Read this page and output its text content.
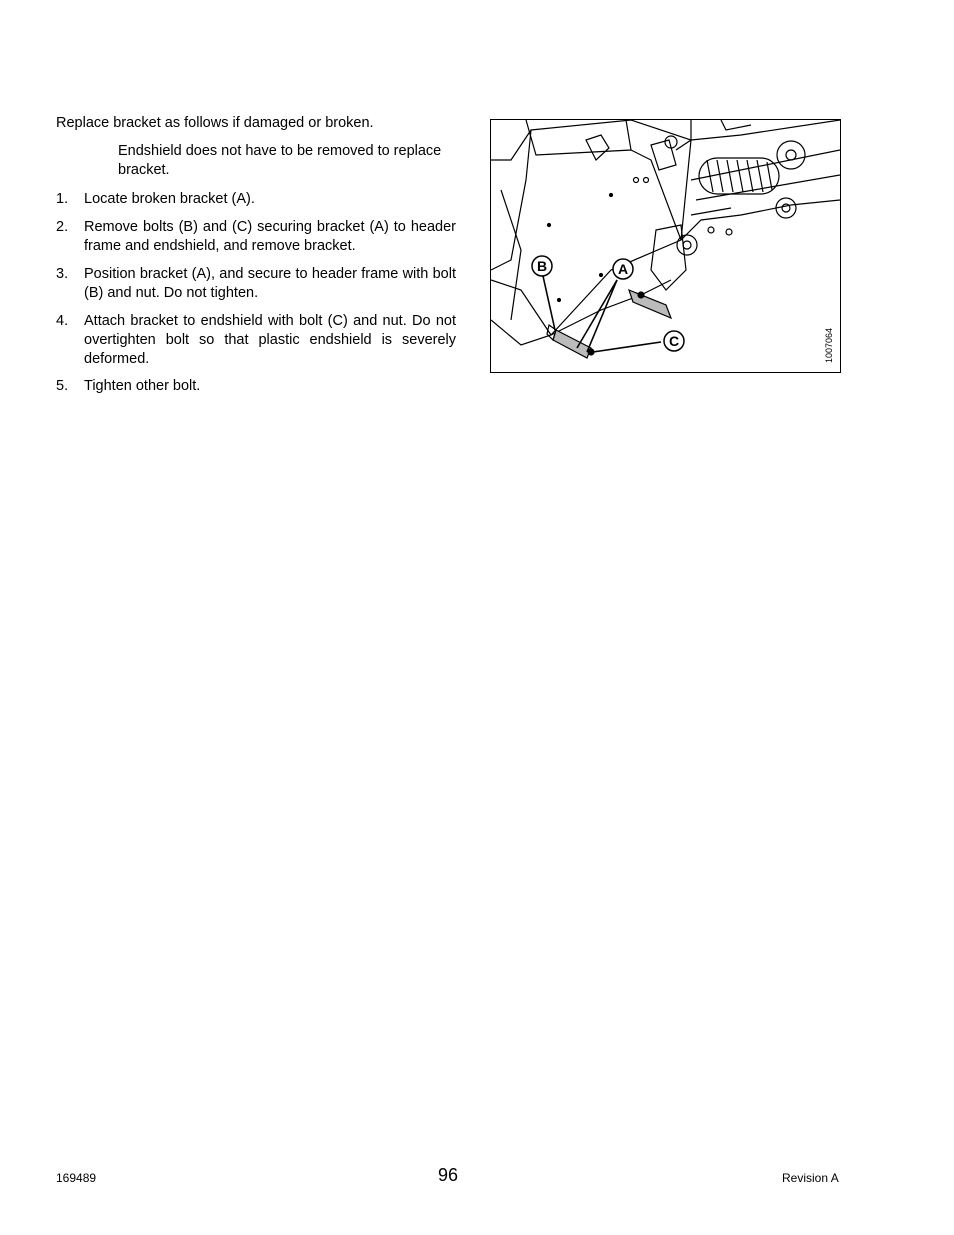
Replace bracket as follows if damaged or broken.
Endshield does not have to be removed to replace bracket.
1.	Locate broken bracket (A).
2.	Remove bolts (B) and (C) securing bracket (A) to header frame and endshield, and remove bracket.
3.	Position bracket (A), and secure to header frame with bolt (B) and nut. Do not tighten.
4.	Attach bracket to endshield with bolt (C) and nut. Do not overtighten bolt so that plastic endshield is severely deformed.
5.	Tighten other bolt.
B	A
C	1007064
169489	96	Revision A
